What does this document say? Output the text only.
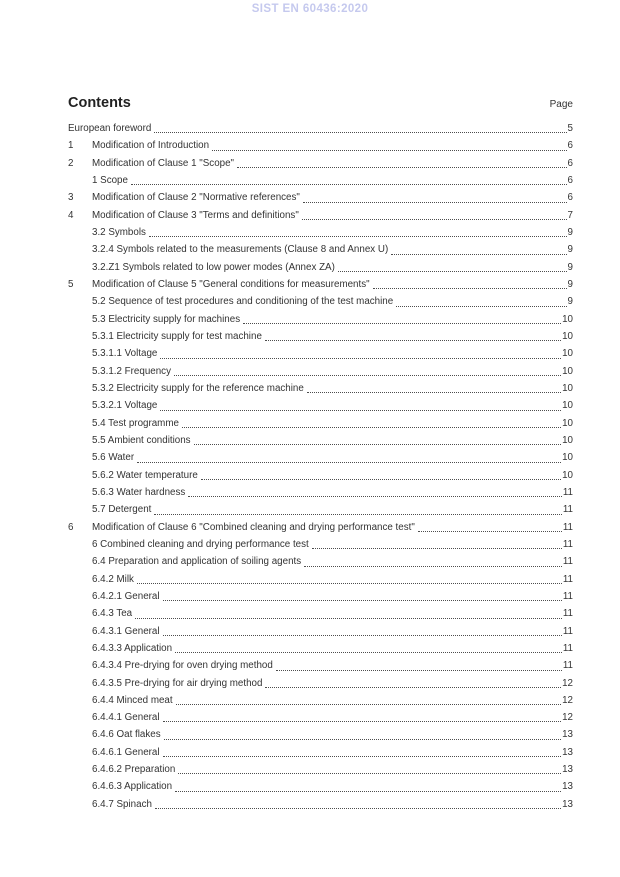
SIST EN 60436:2020
Contents	Page
European foreword	5
1	Modification of Introduction	6
2	Modification of Clause 1 "Scope"	6
1 Scope	6
3	Modification of Clause 2 "Normative references"	6
4	Modification of Clause 3 "Terms and definitions"	7
3.2 Symbols	9
3.2.4 Symbols related to the measurements (Clause 8 and Annex U)	9
3.2.Z1 Symbols related to low power modes (Annex ZA)	9
5	Modification of Clause 5 "General conditions for measurements"	9
5.2 Sequence of test procedures and conditioning of the test machine	9
5.3 Electricity supply for machines	10
5.3.1 Electricity supply for test machine	10
5.3.1.1 Voltage	10
5.3.1.2 Frequency	10
5.3.2 Electricity supply for the reference machine	10
5.3.2.1 Voltage	10
5.4 Test programme	10
5.5 Ambient conditions	10
5.6 Water	10
5.6.2 Water temperature	10
5.6.3 Water hardness	11
5.7 Detergent	11
6	Modification of Clause 6 "Combined cleaning and drying performance test"	11
6 Combined cleaning and drying performance test	11
6.4 Preparation and application of soiling agents	11
6.4.2 Milk	11
6.4.2.1 General	11
6.4.3 Tea	11
6.4.3.1 General	11
6.4.3.3 Application	11
6.4.3.4 Pre-drying for oven drying method	11
6.4.3.5 Pre-drying for air drying method	12
6.4.4 Minced meat	12
6.4.4.1 General	12
6.4.6 Oat flakes	13
6.4.6.1 General	13
6.4.6.2 Preparation	13
6.4.6.3 Application	13
6.4.7 Spinach	13
